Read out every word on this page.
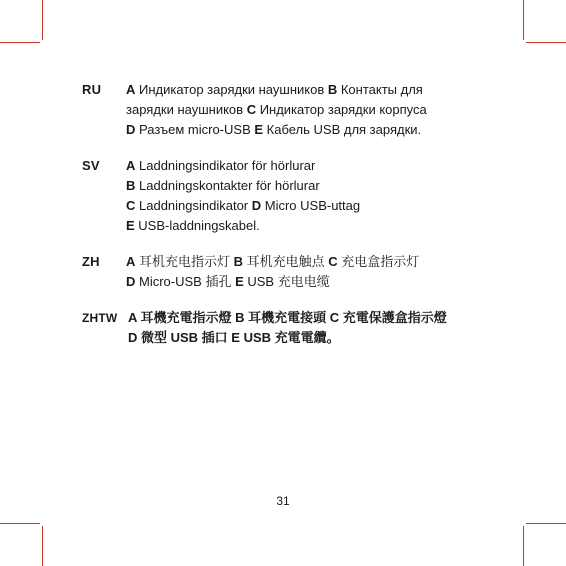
RU	A Индикатор зарядки наушников B Контакты для
зарядки наушников C Индикатор зарядки корпуса
D Разъем micro-USB E Кабель USB для зарядки.
SV	A Laddningsindikator för hörlurar
B Laddningskontakter för hörlurar
C Laddningsindikator D Micro USB-uttag
E USB-laddningskabel.
ZH	A 耳机充电指示灯 B 耳机充电触点 C 充电盒指示灯
D Micro-USB 插孔 E USB 充电电缆
ZHTW A 耳機充電指示燈 B 耳機充電接頭 C 充電保護盒指示燈
D 微型 USB 插口 E USB 充電電纜。
31
